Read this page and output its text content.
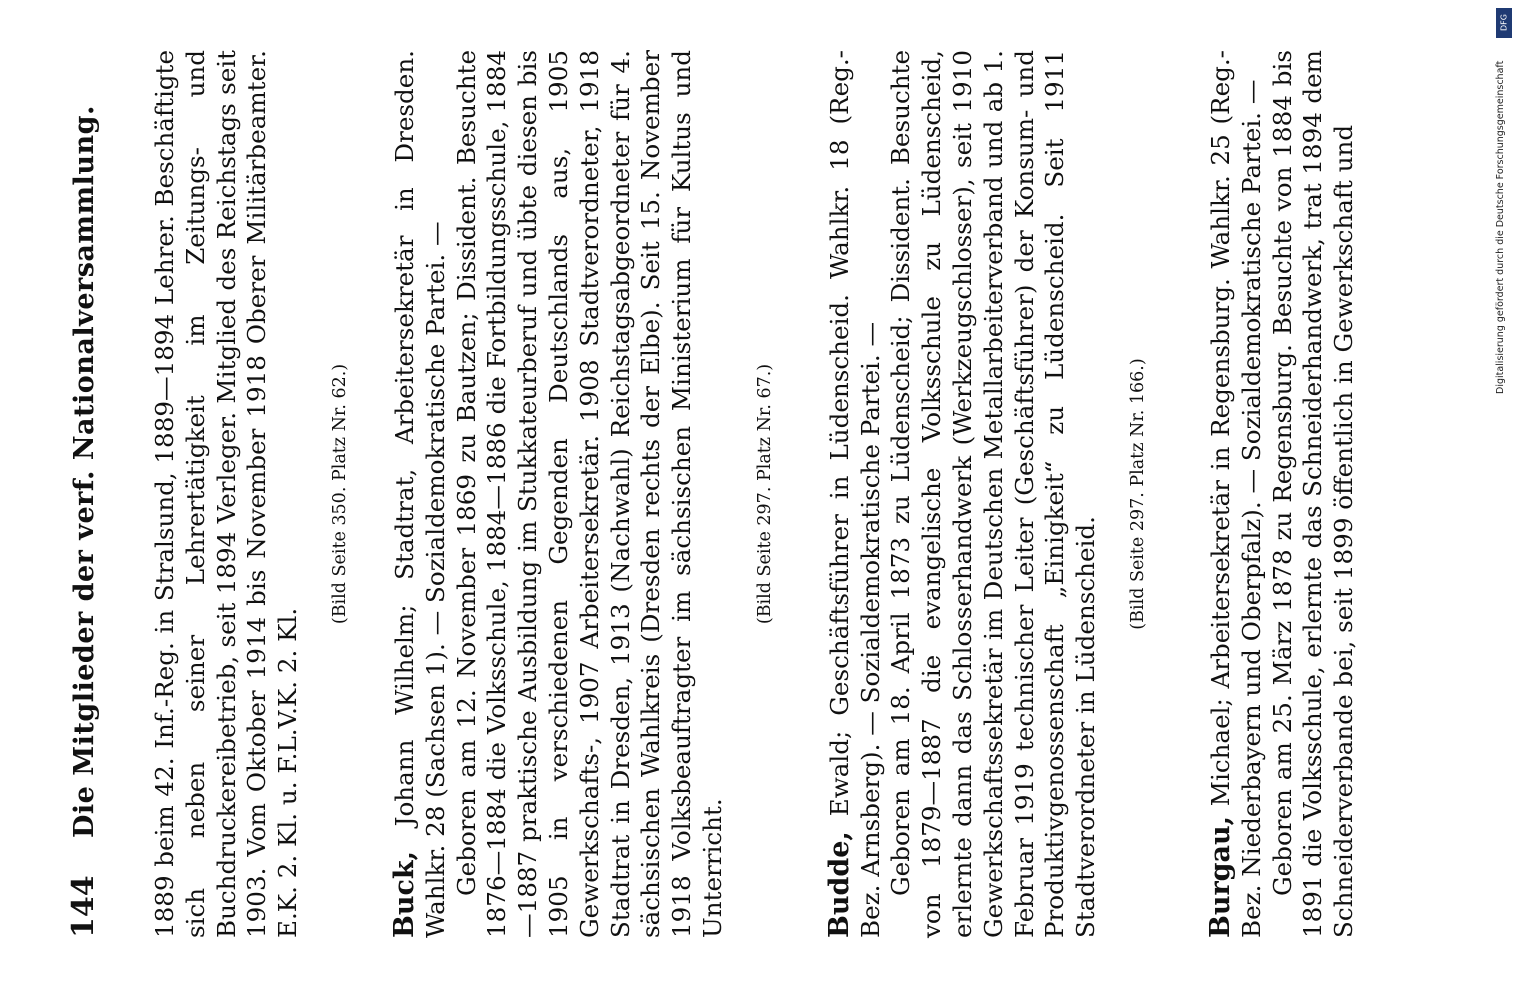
144
Die Mitglieder der verf. Nationalversammlung. 1889 beim 42. Inf.-Reg. in Stralsund, 1889—1894 Lehrer. Beschäftigte sich neben seiner Lehrertätigkeit im Zeitungs- und Buchdruckereibetrieb, seit 1894 Verleger. Mitglied des Reichstags seit 1903. Vom Oktober 1914 bis November 1918 Oberer Militärbeamter. E.K. 2. Kl. u. F.L.V.K. 2. Kl.

(Bild Seite 350. Platz Nr. 62.)

Buck, Johann Wilhelm; Stadtrat, Arbeitersekretär in Dresden. Wahlkr. 28 (Sachsen 1). — Sozialdemokratische Partei. — Geboren am 12. November 1869 zu Bautzen; Dissident. Besuchte 1876—1884 die Volksschule, 1884—1886 die Fortbildungsschule, 1884—1887 praktische Ausbildung im Stukkateurberuf und übte diesen bis 1905 in verschiedenen Gegenden Deutschlands aus, 1905 Gewerkschafts-, 1907 Arbeitersekretär. 1908 Stadtverordneter, 1918 Stadtrat in Dresden, 1913 (Nachwahl) Reichstagsabgeordneter für 4. sächsischen Wahlkreis (Dresden rechts der Elbe). Seit 15. November 1918 Volksbeauftragter im sächsischen Ministerium für Kultus und Unterricht.

(Bild Seite 297. Platz Nr. 67.)

Budde, Ewald; Geschäftsführer in Lüdenscheid. Wahlkr. 18 (Reg.-Bez. Arnsberg). — Sozialdemokratische Partei. — Geboren am 18. April 1873 zu Lüdenscheid; Dissident. Besuchte von 1879—1887 die evangelische Volksschule zu Lüdenscheid, erlernte dann das Schlosserhandwerk (Werkzeugschlosser), seit 1910 Gewerkschaftssekretär im Deutschen Metallarbeiterverband und ab 1. Februar 1919 technischer Leiter (Geschäftsführer) der Konsum- und Produktivgenossenschaft „Einigkeit“ zu Lüdenscheid. Seit 1911 Stadtverordneter in Lüdenscheid.

(Bild Seite 297. Platz Nr. 166.)

Burgau, Michael; Arbeitersekretär in Regensburg. Wahlkr. 25 (Reg.-Bez. Niederbayern und Oberpfalz). — Sozialdemokratische Partei. — Geboren am 25. März 1878 zu Regensburg. Besuchte von 1884 bis 1891 die Volksschule, erlernte das Schneiderhandwerk, trat 1894 dem Schneiderverbande bei, seit 1899 öffentlich in Gewerkschaft und

DFG
Digitalisierung gefördert durch die Deutsche Forschungsgemeinschaft
